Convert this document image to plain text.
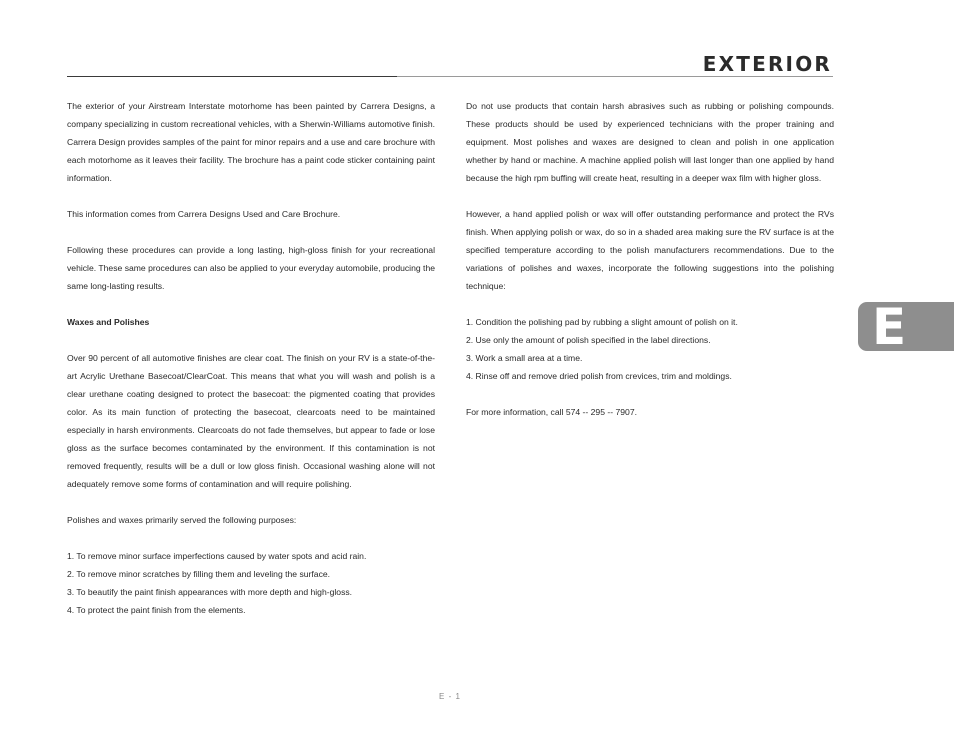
EXTERIOR

The exterior of your Airstream Interstate motorhome has been painted by Carrera Designs, a company specializing in custom recreational vehicles, with a Sherwin-Williams automotive finish. Carrera Design provides samples of the paint for minor repairs and a use and care brochure with each motorhome as it leaves their facility. The brochure has a paint code sticker containing paint information.

This information comes from Carrera Designs Used and Care Brochure.

Following these procedures can provide a long lasting, high-gloss finish for your recreational vehicle. These same procedures can also be applied to your everyday automobile, producing the same long-lasting results.

Waxes and Polishes

Over 90 percent of all automotive finishes are clear coat. The finish on your RV is a state-of-the-art Acrylic Urethane Basecoat/ClearCoat. This means that what you will wash and polish is a clear urethane coating designed to protect the basecoat: the pigmented coating that provides color. As its main function of protecting the basecoat, clearcoats need to be maintained especially in harsh environments. Clearcoats do not fade themselves, but appear to fade or lose gloss as the surface becomes contaminated by the environment. If this contamination is not removed frequently, results will be a dull or low gloss finish. Occasional washing alone will not adequately remove some forms of contamination and will require polishing.

Polishes and waxes primarily served the following purposes:

1. To remove minor surface imperfections caused by water spots and acid rain.
2. To remove minor scratches by filling them and leveling the surface.
3. To beautify the paint finish appearances with more depth and high-gloss.
4. To protect the paint finish from the elements.

Do not use products that contain harsh abrasives such as rubbing or polishing compounds. These products should be used by experienced technicians with the proper training and equipment. Most polishes and waxes are designed to clean and polish in one application whether by hand or machine. A machine applied polish will last longer than one applied by hand because the high rpm buffing will create heat, resulting in a deeper wax film with higher gloss.

However, a hand applied polish or wax will offer outstanding performance and protect the RVs finish. When applying polish or wax, do so in a shaded area making sure the RV surface is at the specified temperature according to the polish manufacturers recommendations. Due to the variations of polishes and waxes, incorporate the following suggestions into the polishing technique:

1. Condition the polishing pad by rubbing a slight amount of polish on it.
2. Use only the amount of polish specified in the label directions.
3. Work a small area at a time.
4. Rinse off and remove dried polish from crevices, trim and moldings.

For more information, call 574 -- 295 -- 7907.

E
E - 1
